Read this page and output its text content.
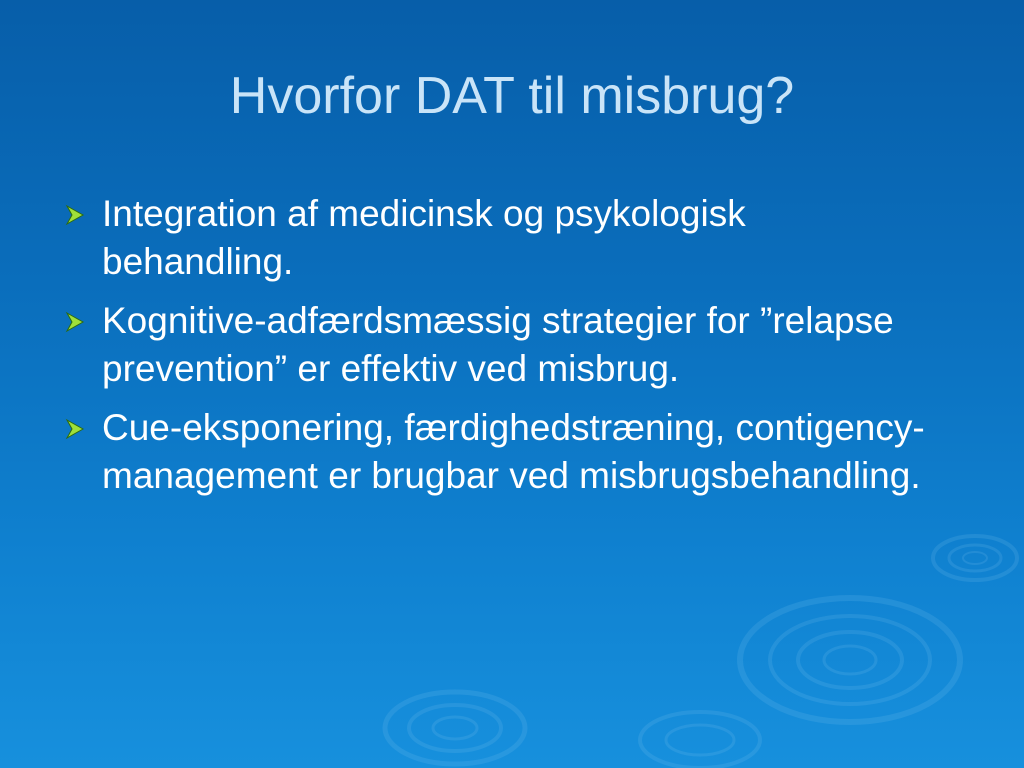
Hvorfor DAT til misbrug?
Integration af medicinsk og psykologisk behandling.
Kognitive-adfærdsmæssig strategier for ”relapse prevention” er effektiv ved misbrug.
Cue-eksponering, færdighedstræning, contigency-management er brugbar ved misbrugsbehandling.
